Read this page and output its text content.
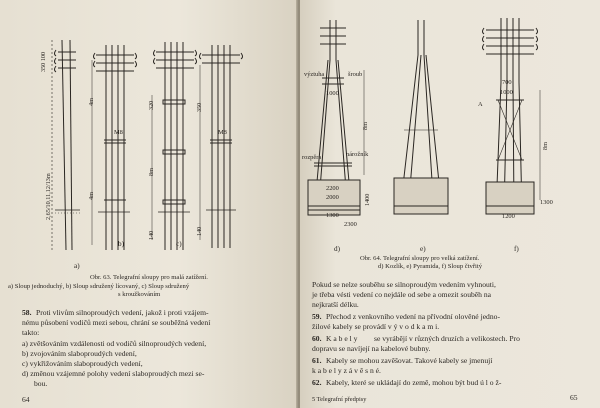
350 100
2,65/10,11,12/13m
4m
4m
M8
320
8m
140
350
M8
140
a)
b)	c)
Obr. 63. Telegrafní sloupy pro malá zatížení.
a) Sloup jednoduchý, b) Sloup sdružený lícovaný, c) Sloup sdružený
s kroužkováním
58. Proti vlivům silnoproudých vedení, jakož i proti vzájem-
nému působení vodičů mezi sebou, chrání se souběžná vedení
takto:
a) zvětšováním vzdálenosti od vodičů silnoproudých vedení,
b) zvojováním slaboproudých vedení,
c) vykřižováním slaboproudých vedení,
d) změnou vzájemné polohy vedení slaboproudých mezi se-
bou.
64
výztuha	šroub
1000
8m
rozpěra	nárožník
2200
2000
1300
1400
2300
700
1000
A
8m
1300
1200
d)	e)	f)
Obr. 64. Telegrafní sloupy pro velká zatížení.
d) Kozlík, e) Pyramida, f) Sloup čtvřitý
Pokud se nelze souběhu se silnoproudým vedením vyhnouti,
je třeba vésti vedení co nejdále od sebe a omezit souběh na
nejkratší délku.
59. Přechod z venkovního vedení na přívodní olověné jedno-
žilové kabely se provádí v ý v o d k a m i.
60. K a b e l y se vyrábějí v různých druzích a velikostech. Pro
dopravu se navíjejí na kabelové bubny.
61. Kabely se mohou zavěšovat. Takové kabely se jmenují
k a b e l y z á v ě s n é.
62. Kabely, které se ukládají do země, mohou být bud ú l o ž-
5 Telegrafní předpisy	65
